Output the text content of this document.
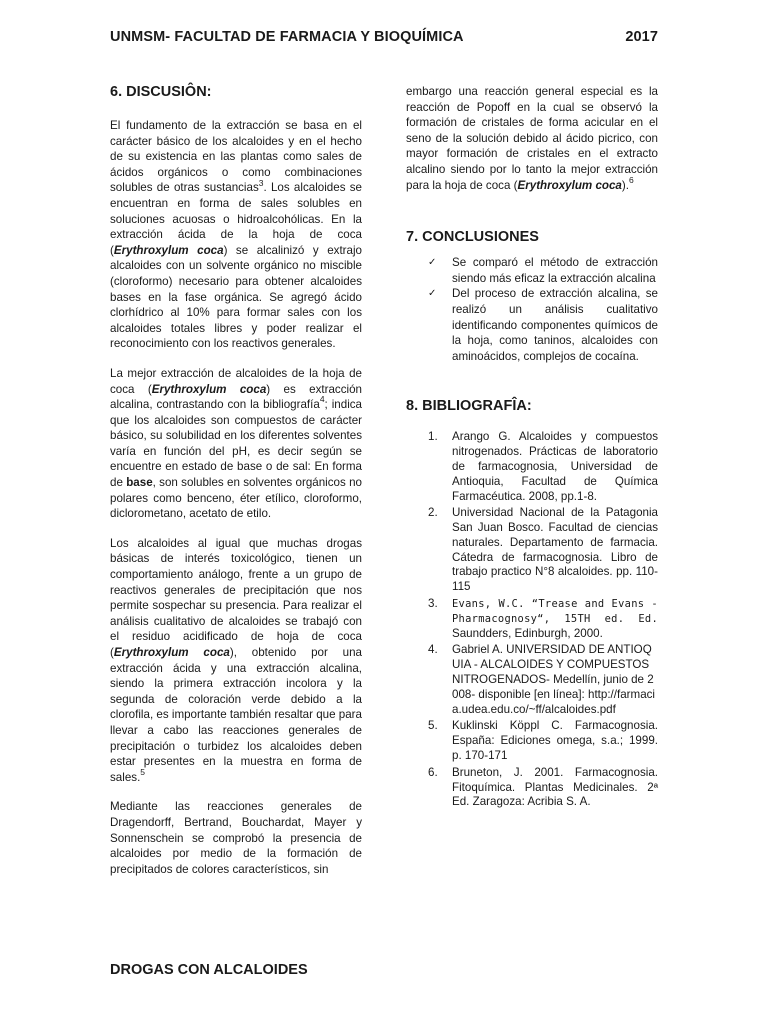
UNMSM- FACULTAD DE FARMACIA Y BIOQUÍMICA	2017
6. DISCUSIÔN:

El fundamento de la extracción se basa en el carácter básico de los alcaloides y en el hecho de su existencia en las plantas como sales de ácidos orgánicos o como combinaciones solubles de otras sustancias$^3$. Los alcaloides se encuentran en forma de sales solubles en soluciones acuosas o hidroalcohólicas. En la extracción ácida de la hoja de coca (Erythroxylum coca) se alcalinizó y extrajo alcaloides con un solvente orgánico no miscible (cloroformo) necesario para obtener alcaloides bases en la fase orgánica. Se agregó ácido clorhídrico al 10% para formar sales con los alcaloides totales libres y poder realizar el reconocimiento con los reactivos generales.

La mejor extracción de alcaloides de la hoja de coca (Erythroxylum coca) es extracción alcalina, contrastando con la bibliografía$^4$; indica que los alcaloides son compuestos de carácter básico, su solubilidad en los diferentes solventes varía en función del pH, es decir según se encuentre en estado de base o de sal: En forma de base, son solubles en solventes orgánicos no polares como benceno, éter etílico, cloroformo, diclorometano, acetato de etilo.

Los alcaloides al igual que muchas drogas básicas de interés toxicológico, tienen un comportamiento análogo, frente a un grupo de reactivos generales de precipitación que nos permite sospechar su presencia. Para realizar el análisis cualitativo de alcaloides se trabajó con el residuo acidificado de hoja de coca (Erythroxylum coca), obtenido por una extracción ácida y una extracción alcalina, siendo la primera extracción incolora y la segunda de coloración verde debido a la clorofila, es importante también resaltar que para llevar a cabo las reacciones generales de precipitación o turbidez los alcaloides deben estar presentes en la muestra en forma de sales.$^5$

Mediante las reacciones generales de Dragendorff, Bertrand, Bouchardat, Mayer y Sonnenschein se comprobó la presencia de alcaloides por medio de la formación de precipitados de colores característicos, sin

embargo una reacción general especial es la reacción de Popoff en la cual se observó la formación de cristales de forma acicular en el seno de la solución debido al ácido picrico, con mayor formación de cristales en el extracto alcalino siendo por lo tanto la mejor extracción para la hoja de coca (Erythroxylum coca).$^6$

7. CONCLUSIONES
✓ Se comparó el método de extracción siendo más eficaz la extracción alcalina
✓ Del proceso de extracción alcalina, se realizó un análisis cualitativo identificando componentes químicos de la hoja, como taninos, alcaloides con aminoácidos, complejos de cocaína.
8. BIBLIOGRAFÎA:
1. Arango G. Alcaloides y compuestos nitrogenados. Prácticas de laboratorio de farmacognosia, Universidad de Antioquia, Facultad de Química Farmacéutica. 2008, pp.1-8.
2. Universidad Nacional de la Patagonia San Juan Bosco. Facultad de ciencias naturales. Departamento de farmacia. Cátedra de farmacognosia. Libro de trabajo practico N°8 alcaloides. pp. 110-115
3. Evans, W.C. “Trease and Evans - Pharmacognosy“, 15TH ed. Ed. Saundders, Edinburgh, 2000.
4. Gabriel A. UNIVERSIDAD DE ANTIOQUIA - ALCALOIDES Y COMPUESTOS NITROGENADOS- Medellín, junio de 2008- disponible [en línea]: http://farmacia.udea.edu.co/~ff/alcaloides.pdf
5. Kuklinski Köppl C. Farmacognosia. España: Ediciones omega, s.a.; 1999. p. 170-171
6. Bruneton, J. 2001. Farmacognosia. Fitoquímica. Plantas Medicinales. 2ª Ed. Zaragoza: Acribia S. A.
DROGAS CON ALCALOIDES
